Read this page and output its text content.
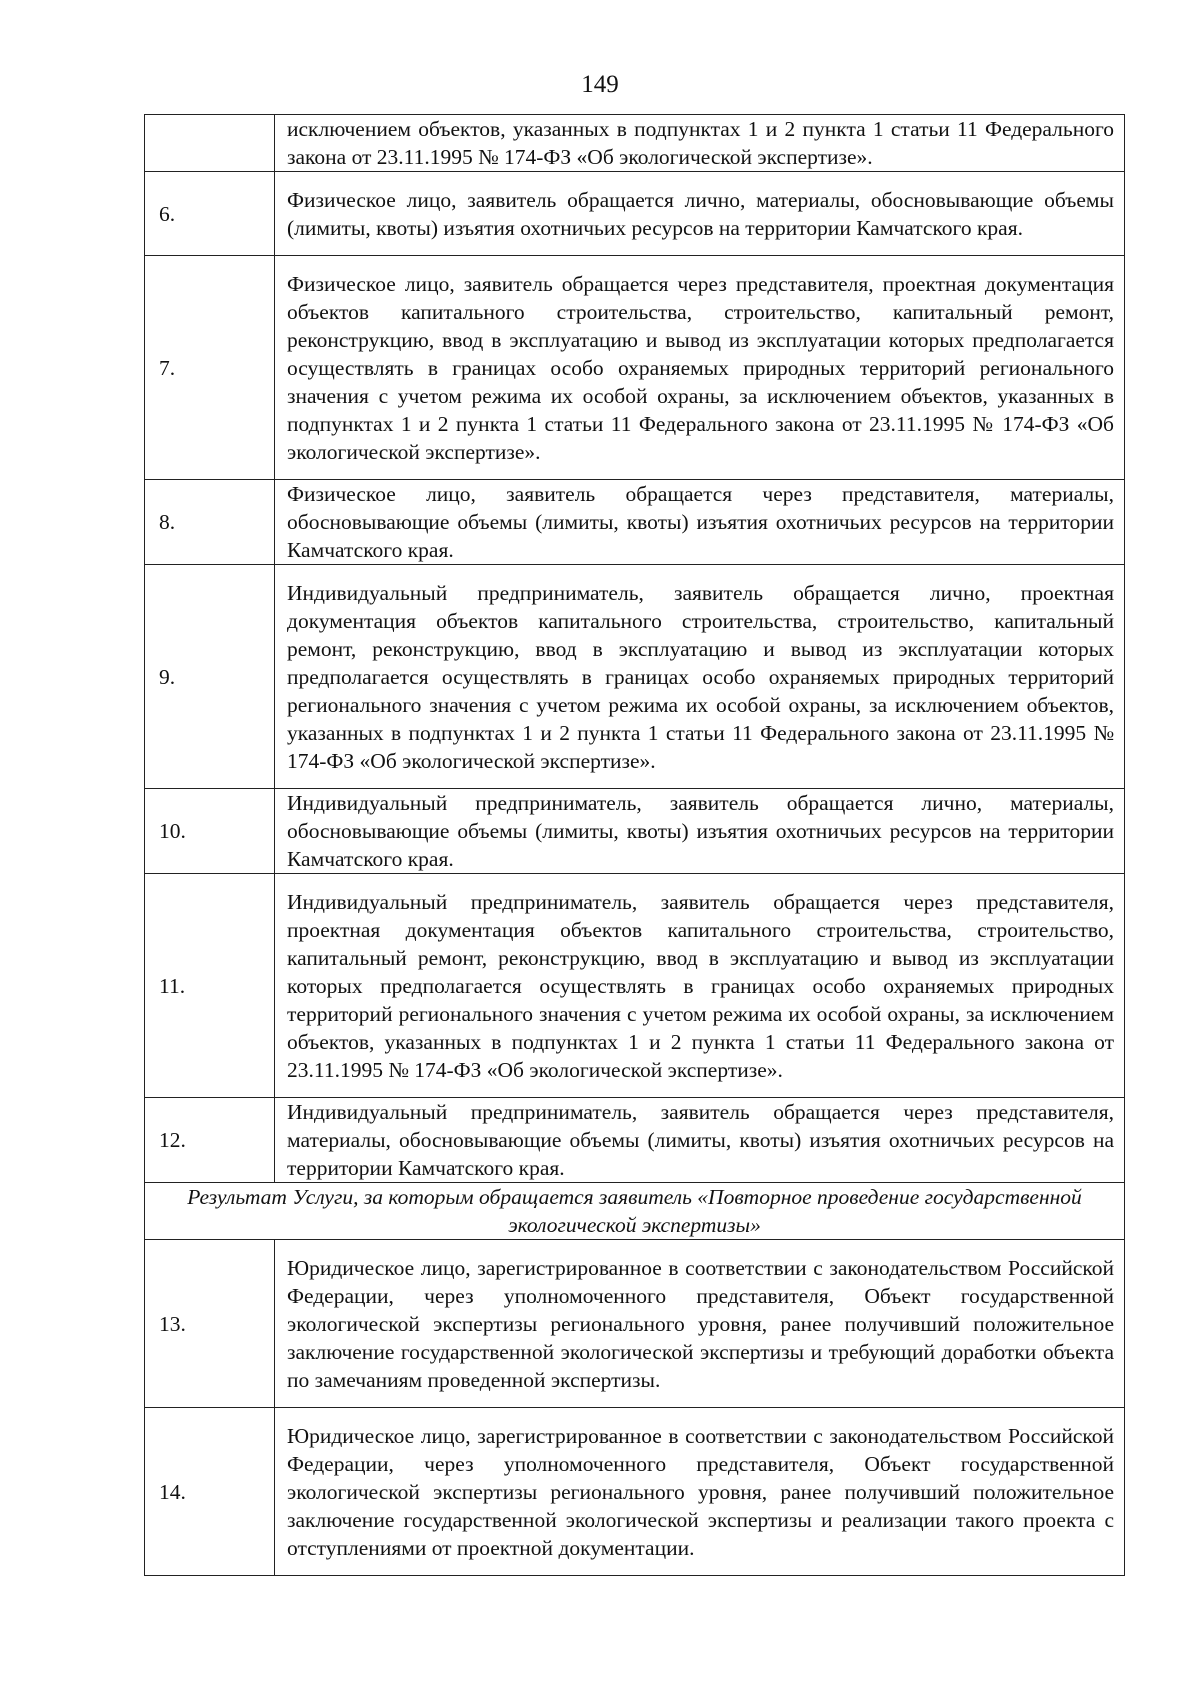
149
	исключением объектов, указанных в подпунктах 1 и 2 пункта 1 статьи 11 Федерального закона от 23.11.1995 № 174-ФЗ «Об экологической экспертизе».
6.	Физическое лицо, заявитель обращается лично, материалы, обосновывающие объемы (лимиты, квоты) изъятия охотничьих ресурсов на территории Камчатского края.
7.	Физическое лицо, заявитель обращается через представителя, проектная документация объектов капитального строительства, строительство, капитальный ремонт, реконструкцию, ввод в эксплуатацию и вывод из эксплуатации которых предполагается осуществлять в границах особо охраняемых природных территорий регионального значения с учетом режима их особой охраны, за исключением объектов, указанных в подпунктах 1 и 2 пункта 1 статьи 11 Федерального закона от 23.11.1995 № 174-ФЗ «Об экологической экспертизе».
8.	Физическое лицо, заявитель обращается через представителя, материалы, обосновывающие объемы (лимиты, квоты) изъятия охотничьих ресурсов на территории Камчатского края.
9.	Индивидуальный предприниматель, заявитель обращается лично, проектная документация объектов капитального строительства, строительство, капитальный ремонт, реконструкцию, ввод в эксплуатацию и вывод из эксплуатации которых предполагается осуществлять в границах особо охраняемых природных территорий регионального значения с учетом режима их особой охраны, за исключением объектов, указанных в подпунктах 1 и 2 пункта 1 статьи 11 Федерального закона от 23.11.1995 № 174-ФЗ «Об экологической экспертизе».
10.	Индивидуальный предприниматель, заявитель обращается лично, материалы, обосновывающие объемы (лимиты, квоты) изъятия охотничьих ресурсов на территории Камчатского края.
11.	Индивидуальный предприниматель, заявитель обращается через представителя, проектная документация объектов капитального строительства, строительство, капитальный ремонт, реконструкцию, ввод в эксплуатацию и вывод из эксплуатации которых предполагается осуществлять в границах особо охраняемых природных территорий регионального значения с учетом режима их особой охраны, за исключением объектов, указанных в подпунктах 1 и 2 пункта 1 статьи 11 Федерального закона от 23.11.1995 № 174-ФЗ «Об экологической экспертизе».
12.	Индивидуальный предприниматель, заявитель обращается через представителя, материалы, обосновывающие объемы (лимиты, квоты) изъятия охотничьих ресурсов на территории Камчатского края.
Результат Услуги, за которым обращается заявитель «Повторное проведение государственной экологической экспертизы»	
13.	Юридическое лицо, зарегистрированное в соответствии с законодательством Российской Федерации, через уполномоченного представителя, Объект государственной экологической экспертизы регионального уровня, ранее получивший положительное заключение государственной экологической экспертизы и требующий доработки объекта по замечаниям проведенной экспертизы.
14.	Юридическое лицо, зарегистрированное в соответствии с законодательством Российской Федерации, через уполномоченного представителя, Объект государственной экологической экспертизы регионального уровня, ранее получивший положительное заключение государственной экологической экспертизы и реализации такого проекта с отступлениями от проектной документации.
